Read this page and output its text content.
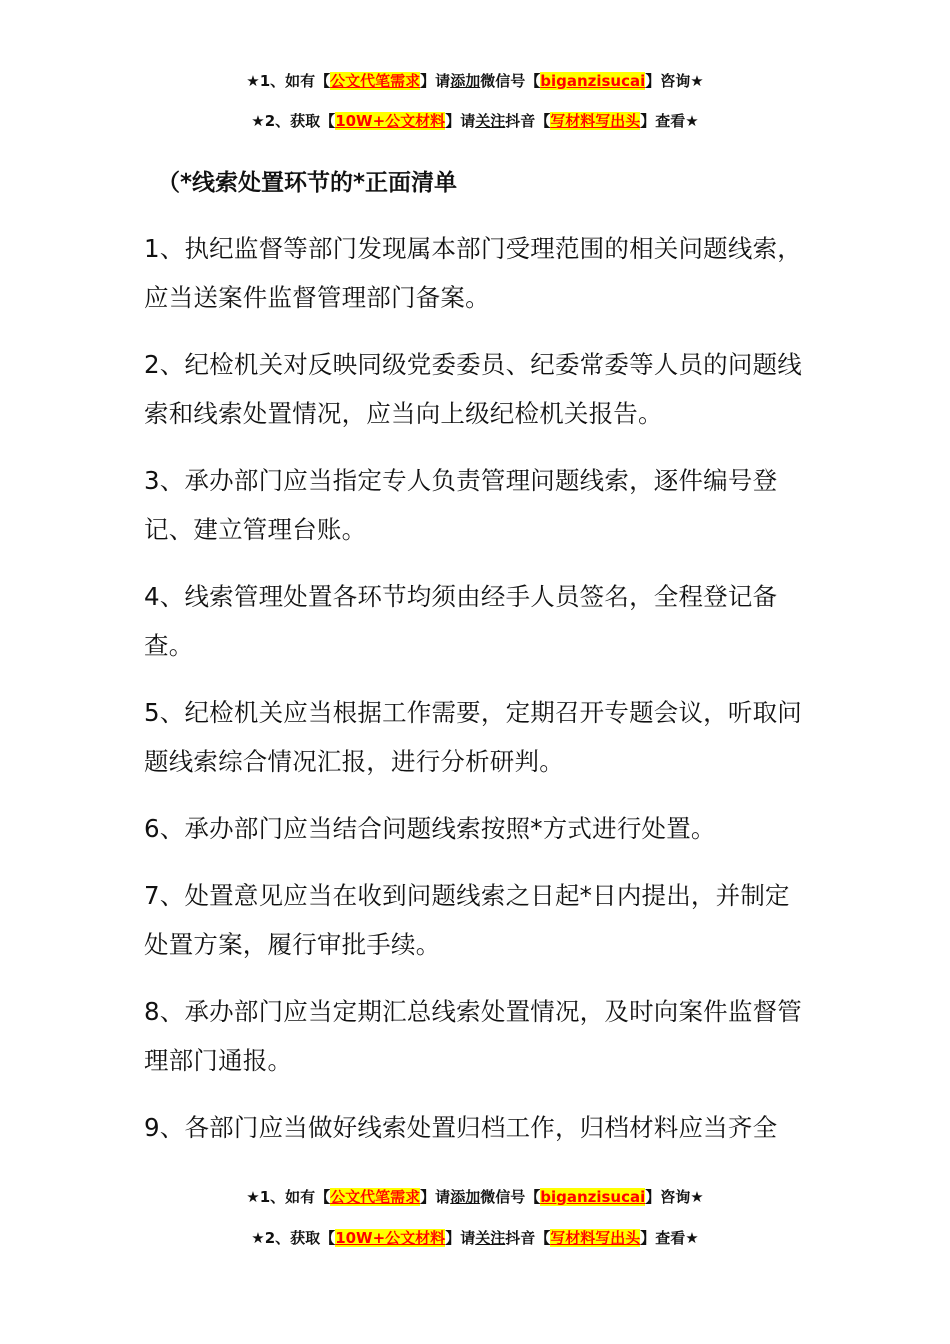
★1、如有【公文代笔需求】请添加微信号【biganzisucai】咨询★
★2、获取【10W+公文材料】请关注抖音【写材料写出头】查看★
（*线索处置环节的*正面清单

1、执纪监督等部门发现属本部门受理范围的相关问题线索，应当送案件监督管理部门备案。

2、纪检机关对反映同级党委委员、纪委常委等人员的问题线索和线索处置情况，应当向上级纪检机关报告。

3、承办部门应当指定专人负责管理问题线索，逐件编号登记、建立管理台账。

4、线索管理处置各环节均须由经手人员签名，全程登记备查。

5、纪检机关应当根据工作需要，定期召开专题会议，听取问题线索综合情况汇报，进行分析研判。

6、承办部门应当结合问题线索按照*方式进行处置。

7、处置意见应当在收到问题线索之日起*日内提出，并制定处置方案，履行审批手续。

8、承办部门应当定期汇总线索处置情况，及时向案件监督管理部门通报。

9、各部门应当做好线索处置归档工作，归档材料应当齐全

★1、如有【公文代笔需求】请添加微信号【biganzisucai】咨询★
★2、获取【10W+公文材料】请关注抖音【写材料写出头】查看★
